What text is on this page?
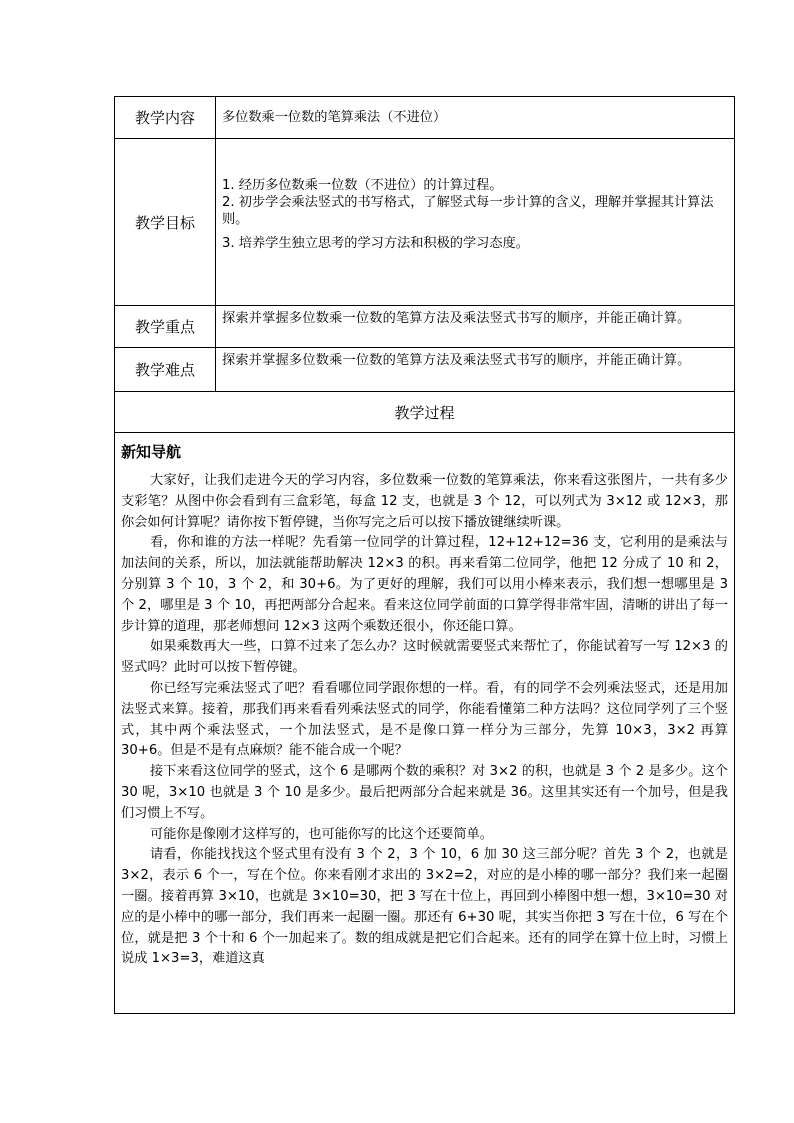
教学内容	多位数乘一位数的笔算乘法（不进位）
教学目标

1. 经历多位数乘一位数（不进位）的计算过程。

2. 初步学会乘法竖式的书写格式，了解竖式每一步计算的含义，理解并掌握其计算法则。

3. 培养学生独立思考的学习方法和积极的学习态度。

教学重点	探索并掌握多位数乘一位数的笔算方法及乘法竖式书写的顺序，并能正确计算。
教学难点
探索并掌握多位数乘一位数的笔算方法及乘法竖式书写的顺序，并能正确计算。
教学过程
新知导航

大家好，让我们走进今天的学习内容，多位数乘一位数的笔算乘法，你来看这张图片，一共有多少支彩笔？从图中你会看到有三盒彩笔，每盒 12 支，也就是 3 个 12，可以列式为 3×12 或 12×3，那你会如何计算呢？请你按下暂停键，当你写完之后可以按下播放键继续听课。

看，你和谁的方法一样呢？先看第一位同学的计算过程，12+12+12=36 支，它利用的是乘法与加法间的关系，所以，加法就能帮助解决 12×3 的积。再来看第二位同学，他把 12 分成了 10 和 2，分别算 3 个 10，3 个 2，和 30+6。为了更好的理解，我们可以用小棒来表示，我们想一想哪里是 3 个 2，哪里是 3 个 10，再把两部分合起来。看来这位同学前面的口算学得非常牢固，清晰的讲出了每一步计算的道理，那老师想问 12×3 这两个乘数还很小，你还能口算。

如果乘数再大一些，口算不过来了怎么办？这时候就需要竖式来帮忙了，你能试着写一写 12×3 的竖式吗？此时可以按下暂停键。

你已经写完乘法竖式了吧？看看哪位同学跟你想的一样。看，有的同学不会列乘法竖式，还是用加法竖式来算。接着，那我们再来看看列乘法竖式的同学，你能看懂第二种方法吗？这位同学列了三个竖式，其中两个乘法竖式，一个加法竖式，是不是像口算一样分为三部分，先算 10×3，3×2 再算 30+6。但是不是有点麻烦？能不能合成一个呢？

接下来看这位同学的竖式，这个 6 是哪两个数的乘积？对 3×2 的积，也就是 3 个 2 是多少。这个 30 呢，3×10 也就是 3 个 10 是多少。最后把两部分合起来就是 36。这里其实还有一个加号，但是我们习惯上不写。

可能你是像刚才这样写的，也可能你写的比这个还要简单。

请看，你能找找这个竖式里有没有 3 个 2，3 个 10，6 加 30 这三部分呢？首先 3 个 2，也就是 3×2，表示 6 个一，写在个位。你来看刚才求出的 3×2=2，对应的是小棒的哪一部分？我们来一起圈一圈。接着再算 3×10，也就是 3×10=30，把 3 写在十位上，再回到小棒图中想一想，3×10=30 对应的是小棒中的哪一部分，我们再来一起圈一圈。那还有 6+30 呢，其实当你把 3 写在十位，6 写在个位，就是把 3 个十和 6 个一加起来了。数的组成就是把它们合起来。还有的同学在算十位上时，习惯上说成 1×3=3，难道这真
